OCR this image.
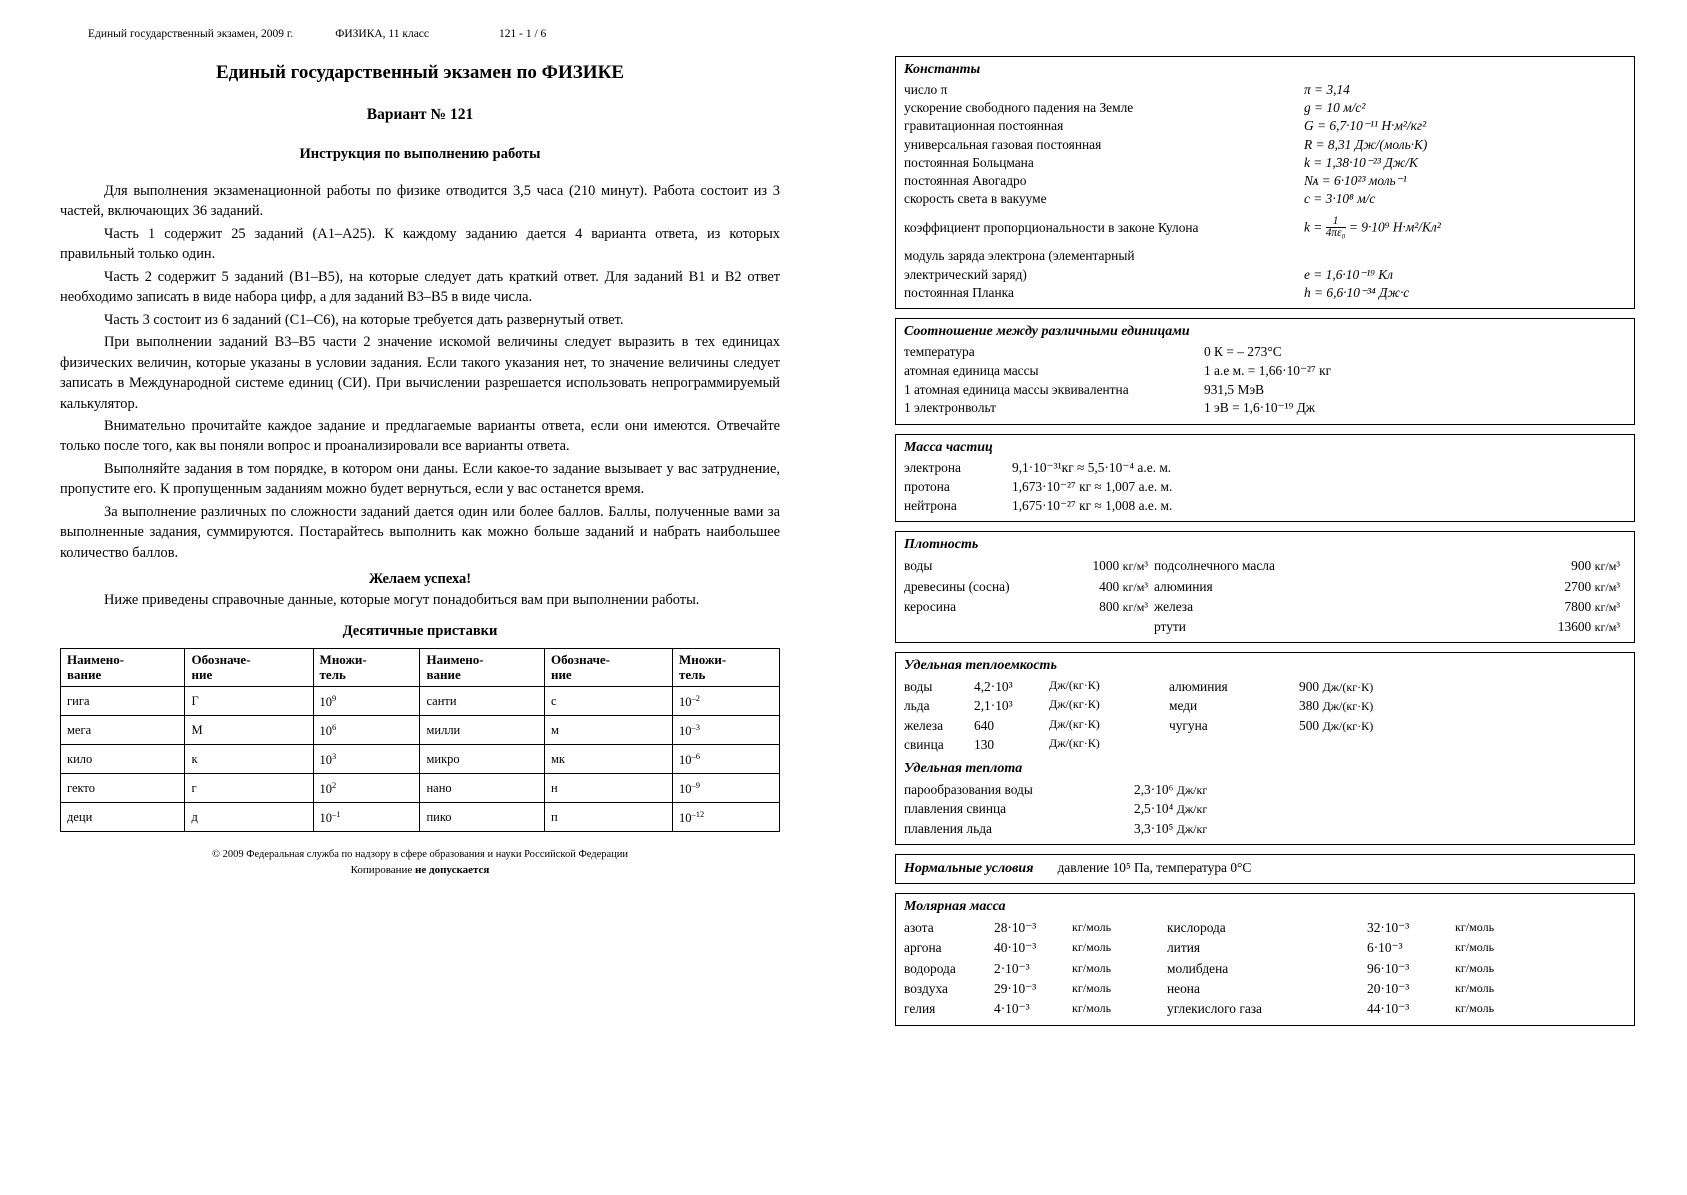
Единый государственный экзамен, 2009 г.	ФИЗИКА, 11 класс	121 - 1 / 6
Единый государственный экзамен по ФИЗИКЕ
Вариант № 121
Инструкция по выполнению работы

Для выполнения экзаменационной работы по физике отводится 3,5 часа (210 минут). Работа состоит из 3 частей, включающих 36 заданий.

Часть 1 содержит 25 заданий (А1–А25). К каждому заданию дается 4 варианта ответа, из которых правильный только один.

Часть 2 содержит 5 заданий (В1–В5), на которые следует дать краткий ответ. Для заданий В1 и В2 ответ необходимо записать в виде набора цифр, а для заданий В3–В5 в виде числа.

Часть 3 состоит из 6 заданий (С1–С6), на которые требуется дать развернутый ответ.

При выполнении заданий В3–В5 части 2 значение искомой величины следует выразить в тех единицах физических величин, которые указаны в условии задания. Если такого указания нет, то значение величины следует записать в Международной системе единиц (СИ). При вычислении разрешается использовать непрограммируемый калькулятор.

Внимательно прочитайте каждое задание и предлагаемые варианты ответа, если они имеются. Отвечайте только после того, как вы поняли вопрос и проанализировали все варианты ответа.

Выполняйте задания в том порядке, в котором они даны. Если какое-то задание вызывает у вас затруднение, пропустите его. К пропущенным заданиям можно будет вернуться, если у вас останется время.

За выполнение различных по сложности заданий дается один или более баллов. Баллы, полученные вами за выполненные задания, суммируются. Постарайтесь выполнить как можно больше заданий и набрать наибольшее количество баллов.

Желаем успеха!

Ниже приведены справочные данные, которые могут понадобиться вам при выполнении работы.

Десятичные приставки
Наимено-
вание	Обозначе-
ние	Множи-
тель	Наимено-
вание	Обозначе-
ние	Множи-
тель
гига	Г	$10^9$	санти	с	$10^{-2}$
мега	М	$10^6$	милли	м	$10^{-3}$
кило	к	$10^3$	микро	мк	$10^{-6}$
гекто	г	$10^2$	нано	н	$10^{-9}$
деци	д	$10^{-1}$	пико	п	$10^{-12}$
© 2009 Федеральная служба по надзору в сфере образования и науки Российской Федерации
Копирование не допускается
Константы
число π	π = 3,14
ускорение свободного падения на Земле	g = 10 м/с²
гравитационная постоянная	G = 6,7·10⁻¹¹ Н·м²/кг²
универсальная газовая постоянная	R = 8,31 Дж/(моль·К)
постоянная Больцмана	k = 1,38·10⁻²³ Дж/К
постоянная Авогадро	Nᴀ = 6·10²³ моль⁻¹
скорость света в вакууме	c = 3·10⁸ м/с
коэффициент пропорциональности в законе Кулона	$k = \frac{1}{\text{4πε₀}} = 9\cdot 10^9$ Н·м²/Кл²
модуль заряда электрона (элементарный
электрический заряд)	e = 1,6·10⁻¹⁹ Кл
постоянная Планка	h = 6,6·10⁻³⁴ Дж·с
Соотношение между различными единицами
температура	0 К = – 273°С
атомная единица массы	1 а.е м. = 1,66·10⁻²⁷ кг
1 атомная единица массы эквивалентна	931,5 МэВ
1 электронвольт	1 эВ = 1,6·10⁻¹⁹ Дж
Масса частиц
электрона	9,1·10⁻³¹кг ≈ 5,5·10⁻⁴ а.е. м.
протона	1,673·10⁻²⁷ кг ≈ 1,007 а.е. м.
нейтрона	1,675·10⁻²⁷ кг ≈ 1,008 а.е. м.
Плотность
воды	1000 кг/м³ подсолнечного масла	900 кг/м³
древесины (сосна)	400 кг/м³ алюминия	2700 кг/м³
керосина	800 кг/м³ железа	7800 кг/м³
ртути	13600 кг/м³
Удельная теплоемкость
воды	4,2·10³	Дж/(кг·К)	алюминия	900 Дж/(кг·К)
льда	2,1·10³	Дж/(кг·К)	меди	380 Дж/(кг·К)
железа	640	Дж/(кг·К)	чугуна	500 Дж/(кг·К)
свинца	130	Дж/(кг·К)
Удельная теплота
парообразования воды	2,3·10⁶ Дж/кг
плавления свинца	2,5·10⁴ Дж/кг
плавления льда	3,3·10⁵ Дж/кг
Нормальные условия давление 10⁵ Па, температура 0°С
Молярная масса
азота	28·10⁻³	кг/моль	кислорода	32·10⁻³	кг/моль
аргона	40·10⁻³	кг/моль	лития	6·10⁻³	кг/моль
водорода	2·10⁻³	кг/моль	молибдена	96·10⁻³	кг/моль
воздуха	29·10⁻³	кг/моль	неона	20·10⁻³	кг/моль
гелия	4·10⁻³	кг/моль	углекислого газа	44·10⁻³	кг/моль
